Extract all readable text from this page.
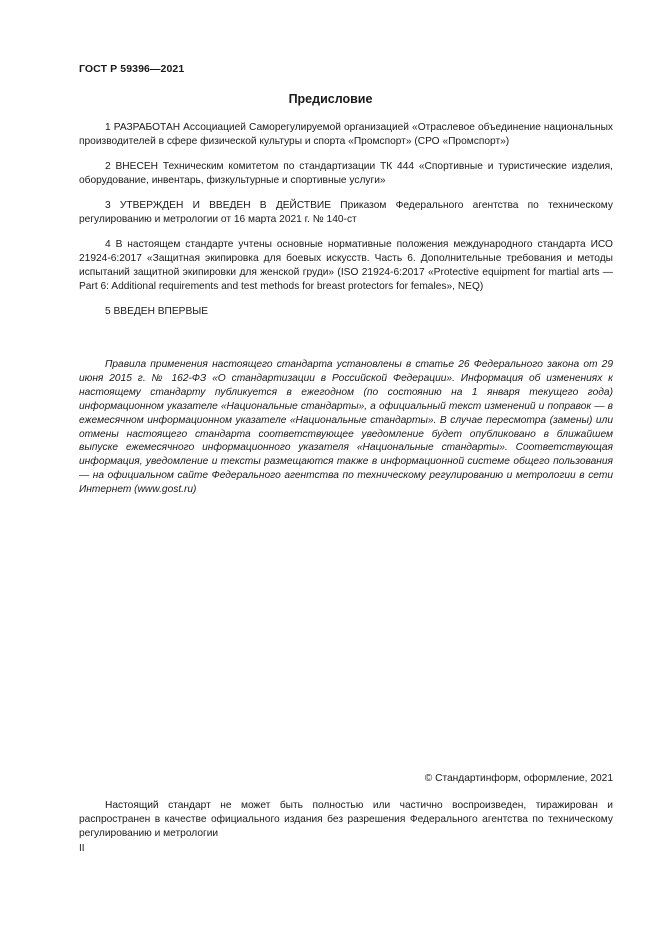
ГОСТ Р 59396—2021
Предисловие

1 РАЗРАБОТАН Ассоциацией Саморегулируемой организацией «Отраслевое объединение национальных производителей в сфере физической культуры и спорта «Промспорт» (СРО «Промспорт»)

2 ВНЕСЕН Техническим комитетом по стандартизации ТК 444 «Спортивные и туристические изделия, оборудование, инвентарь, физкультурные и спортивные услуги»

3 УТВЕРЖДЕН И ВВЕДЕН В ДЕЙСТВИЕ Приказом Федерального агентства по техническому регулированию и метрологии от 16 марта 2021 г. № 140-ст

4 В настоящем стандарте учтены основные нормативные положения международного стандарта ИСО 21924-6:2017 «Защитная экипировка для боевых искусств. Часть 6. Дополнительные требования и методы испытаний защитной экипировки для женской груди» (ISO 21924-6:2017 «Protective equipment for martial arts — Part 6: Additional requirements and test methods for breast protectors for females», NEQ)

5 ВВЕДЕН ВПЕРВЫЕ

Правила применения настоящего стандарта установлены в статье 26 Федерального закона от 29 июня 2015 г. № 162-ФЗ «О стандартизации в Российской Федерации». Информация об изменениях к настоящему стандарту публикуется в ежегодном (по состоянию на 1 января текущего года) информационном указателе «Национальные стандарты», а официальный текст изменений и поправок — в ежемесячном информационном указателе «Национальные стандарты». В случае пересмотра (замены) или отмены настоящего стандарта соответствующее уведомление будет опубликовано в ближайшем выпуске ежемесячного информационного указателя «Национальные стандарты». Соответствующая информация, уведомление и тексты размещаются также в информационной системе общего пользования — на официальном сайте Федерального агентства по техническому регулированию и метрологии в сети Интернет (www.gost.ru)

© Стандартинформ, оформление, 2021

Настоящий стандарт не может быть полностью или частично воспроизведен, тиражирован и распространен в качестве официального издания без разрешения Федерального агентства по техническому регулированию и метрологии

II
